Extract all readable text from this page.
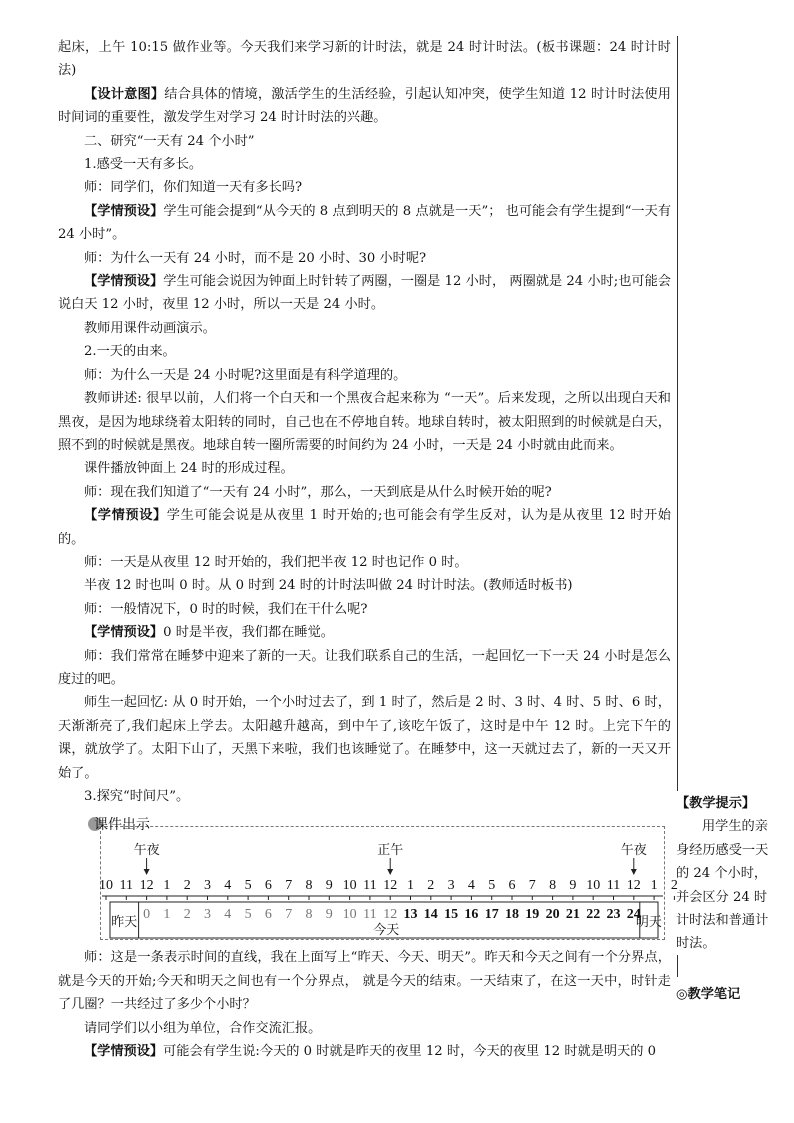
起床，上午 10:15 做作业等。今天我们来学习新的计时法，就是 24 时计时法。(板书课题：24 时计时法)

【设计意图】结合具体的情境，激活学生的生活经验，引起认知冲突，使学生知道 12 时计时法使用时间词的重要性，激发学生对学习 24 时计时法的兴趣。

二、研究“一天有 24 个小时”

1.感受一天有多长。

师：同学们，你们知道一天有多长吗?

【学情预设】学生可能会提到“从今天的 8 点到明天的 8 点就是一天”； 也可能会有学生提到“一天有 24 小时”。

师：为什么一天有 24 小时，而不是 20 小时、30 小时呢?

【学情预设】学生可能会说因为钟面上时针转了两圈，一圈是 12 小时， 两圈就是 24 小时;也可能会说白天 12 小时，夜里 12 小时，所以一天是 24 小时。

教师用课件动画演示。

2.一天的由来。

师：为什么一天是 24 小时呢?这里面是有科学道理的。

教师讲述: 很早以前，人们将一个白天和一个黑夜合起来称为 “一天”。后来发现，之所以出现白天和黑夜，是因为地球绕着太阳转的同时，自己也在不停地自转。地球自转时，被太阳照到的时候就是白天，照不到的时候就是黑夜。地球自转一圈所需要的时间约为 24 小时，一天是 24 小时就由此而来。

课件播放钟面上 24 时的形成过程。

师：现在我们知道了“一天有 24 小时”，那么，一天到底是从什么时候开始的呢?

【学情预设】学生可能会说是从夜里 1 时开始的;也可能会有学生反对，认为是从夜里 12 时开始的。

师：一天是从夜里 12 时开始的，我们把半夜 12 时也记作 0 时。

半夜 12 时也叫 0 时。从 0 时到 24 时的计时法叫做 24 时计时法。(教师适时板书)

师：一般情况下，0 时的时候，我们在干什么呢?

【学情预设】0 时是半夜，我们都在睡觉。

师：我们常常在睡梦中迎来了新的一天。让我们联系自己的生活，一起回忆一下一天 24 小时是怎么度过的吧。

师生一起回忆: 从 0 时开始，一个小时过去了，到 1 时了，然后是 2 时、3 时、4 时、5 时、6 时，天渐渐亮了,我们起床上学去。太阳越升越高，到中午了,该吃午饭了，这时是中午 12 时。上完下午的课，就放学了。太阳下山了，天黑下来啦，我们也该睡觉了。在睡梦中，这一天就过去了，新的一天又开始了。

3.探究“时间尺”。

课件出示
10 11 12 1 2 3 4 5 6 7 8 9 10 11 12 1 2 3 4 5 6 7 8 9 10 11 12 1 2
午夜	正午	午夜
0 1 2 3 4 5 6 7 8 9 10 11 12 13 14 15 16 17 18 19 20 21 22 23 24
昨天
今天
明天

师：这是一条表示时间的直线，我在上面写上“昨天、今天、明天”。昨天和今天之间有一个分界点，就是今天的开始;今天和明天之间也有一个分界点， 就是今天的结束。一天结束了，在这一天中，时针走了几圈？一共经过了多少个小时？

请同学们以小组为单位，合作交流汇报。

【学情预设】可能会有学生说:今天的 0 时就是昨天的夜里 12 时，今天的夜里 12 时就是明天的 0

【教学提示】

用学生的亲身经历感受一天的 24 个小时，并会区分 24 时计时法和普通计时法。

◎教学笔记
